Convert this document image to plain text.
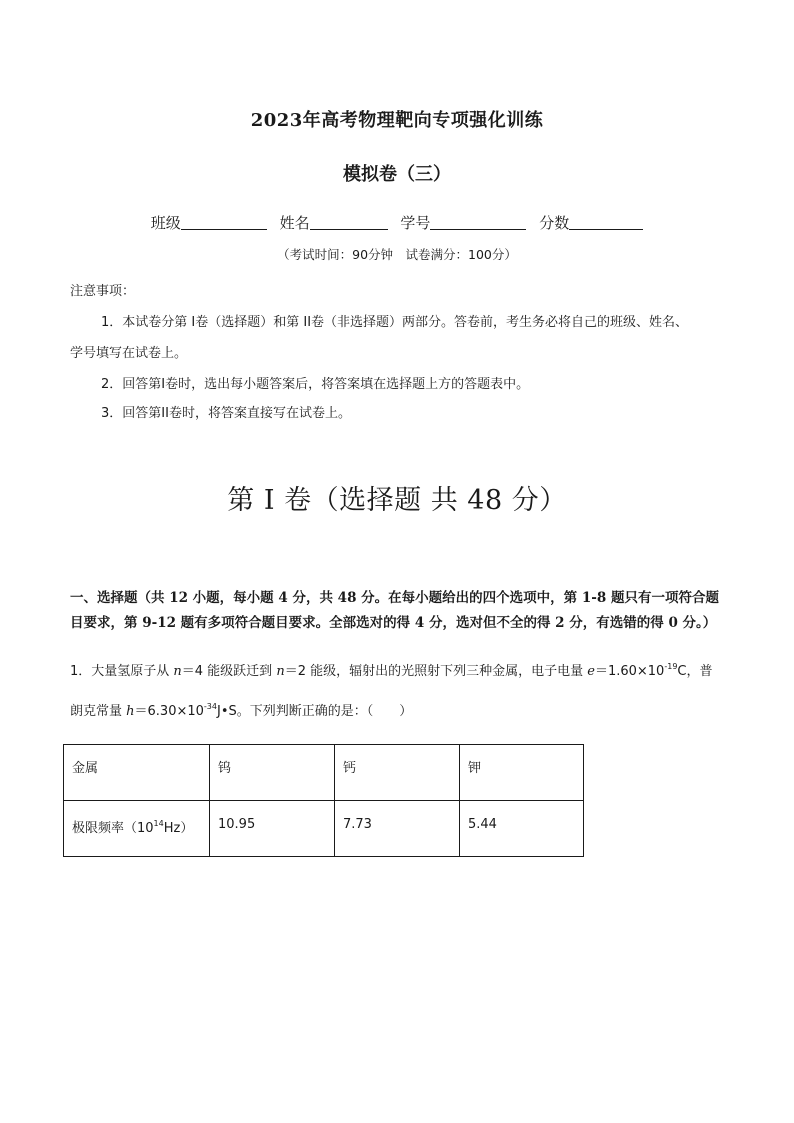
2023年高考物理靶向专项强化训练
模拟卷（三）
班级	姓名	学号	分数
（考试时间：90分钟　试卷满分：100分）
注意事项：
1．本试卷分第 I卷（选择题）和第 II卷（非选择题）两部分。答卷前，考生务必将自己的班级、姓名、
学号填写在试卷上。
2．回答第I卷时，选出每小题答案后，将答案填在选择题上方的答题表中。
3．回答第II卷时，将答案直接写在试卷上。
第 I 卷（选择题 共 48 分）
一、选择题（共 12 小题，每小题 4 分，共 48 分。在每小题给出的四个选项中，第 1-8 题只有一项符合题目要求，第 9-12 题有多项符合题目要求。全部选对的得 4 分，选对但不全的得 2 分，有选错的得 0 分。）
1．大量氢原子从 n＝4 能级跃迁到 n＝2 能级，辐射出的光照射下列三种金属，电子电量 $e=1.60\times 10^{-19}C$，普
朗克常量 $h=6.30\times 10^{-34}J•S$。下列判断正确的是：（　　）
金属	钨	钙	钾
极限频率$(10^{14}Hz)$	10.95	7.73	5.44
